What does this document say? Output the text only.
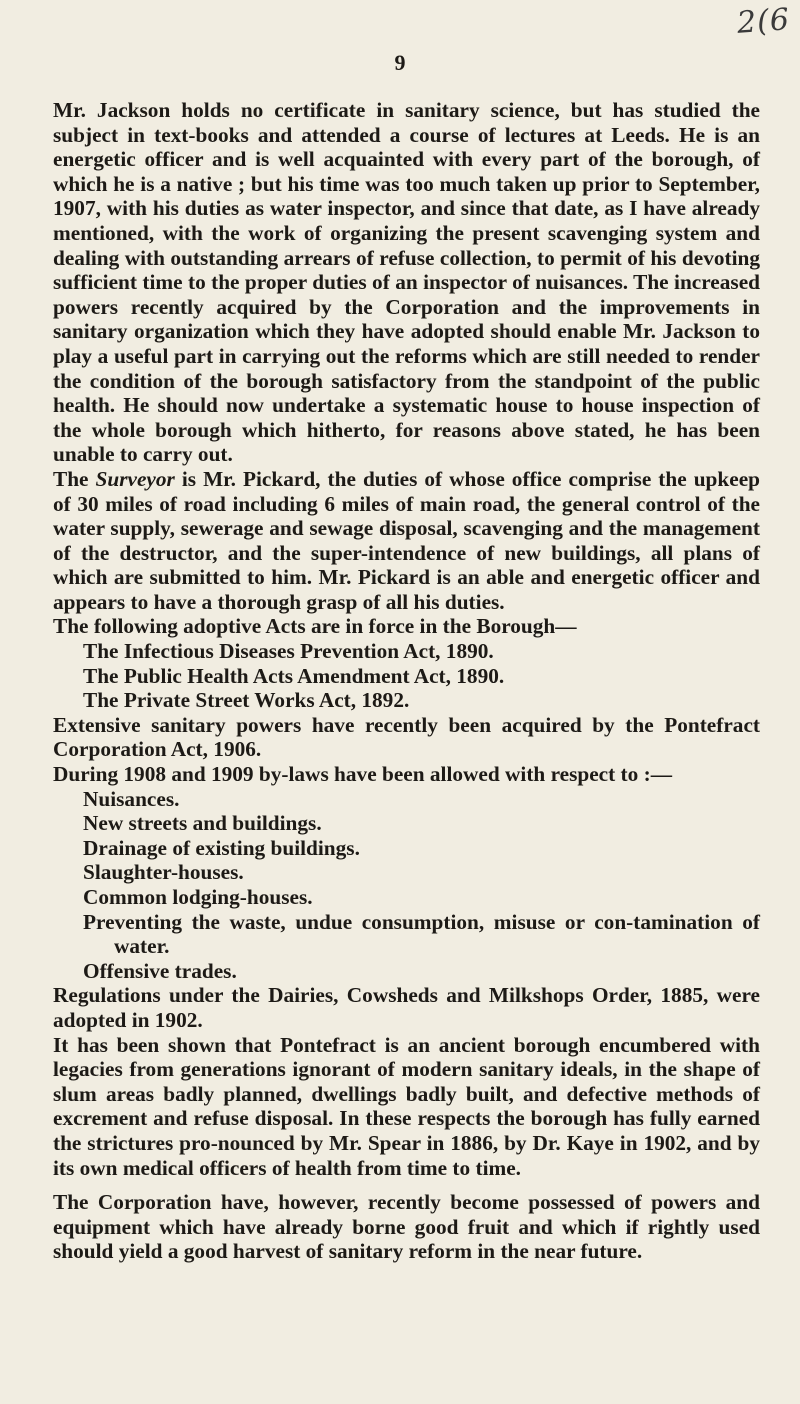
2(6
9

Mr. Jackson holds no certificate in sanitary science, but has studied the subject in text-books and attended a course of lectures at Leeds. He is an energetic officer and is well acquainted with every part of the borough, of which he is a native ; but his time was too much taken up prior to September, 1907, with his duties as water inspector, and since that date, as I have already mentioned, with the work of organizing the present scavenging system and dealing with outstanding arrears of refuse collection, to permit of his devoting sufficient time to the proper duties of an inspector of nuisances. The increased powers recently acquired by the Corporation and the improvements in sanitary organization which they have adopted should enable Mr. Jackson to play a useful part in carrying out the reforms which are still needed to render the condition of the borough satisfactory from the standpoint of the public health. He should now undertake a systematic house to house inspection of the whole borough which hitherto, for reasons above stated, he has been unable to carry out.

The Surveyor is Mr. Pickard, the duties of whose office comprise the upkeep of 30 miles of road including 6 miles of main road, the general control of the water supply, sewerage and sewage disposal, scavenging and the management of the destructor, and the super-intendence of new buildings, all plans of which are submitted to him. Mr. Pickard is an able and energetic officer and appears to have a thorough grasp of all his duties.

The following adoptive Acts are in force in the Borough—

The Infectious Diseases Prevention Act, 1890.

The Public Health Acts Amendment Act, 1890.

The Private Street Works Act, 1892.

Extensive sanitary powers have recently been acquired by the Pontefract Corporation Act, 1906.

During 1908 and 1909 by-laws have been allowed with respect to :—

Nuisances.

New streets and buildings.

Drainage of existing buildings.

Slaughter-houses.

Common lodging-houses.

Preventing the waste, undue consumption, misuse or con-tamination of water.

Offensive trades.

Regulations under the Dairies, Cowsheds and Milkshops Order, 1885, were adopted in 1902.

It has been shown that Pontefract is an ancient borough encumbered with legacies from generations ignorant of modern sanitary ideals, in the shape of slum areas badly planned, dwellings badly built, and defective methods of excrement and refuse disposal. In these respects the borough has fully earned the strictures pro-nounced by Mr. Spear in 1886, by Dr. Kaye in 1902, and by its own medical officers of health from time to time.

The Corporation have, however, recently become possessed of powers and equipment which have already borne good fruit and which if rightly used should yield a good harvest of sanitary reform in the near future.
